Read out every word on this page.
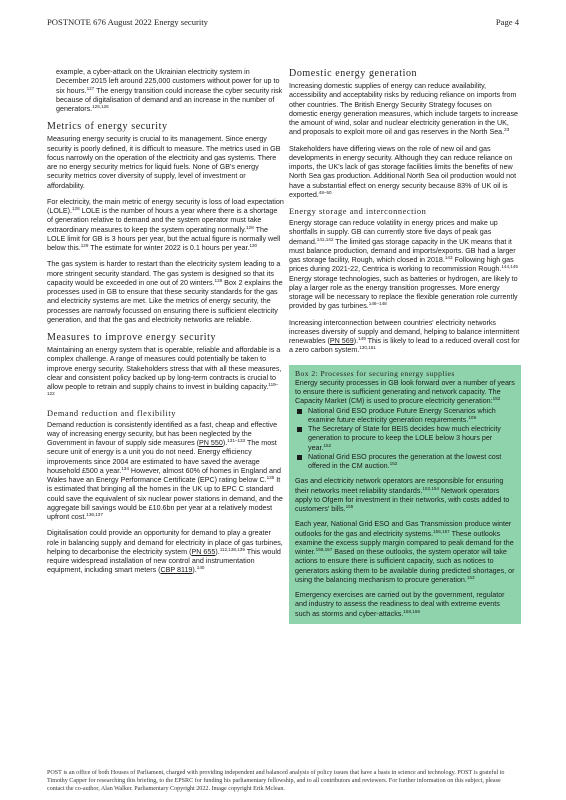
POSTNOTE 676 August 2022 Energy security	Page 4

example, a cyber-attack on the Ukrainian electricity system in December 2015 left around 225,000 customers without power for up to six hours.$^{127}$ The energy transition could increase the cyber security risk because of digitalisation of demand and an increase in the number of generators.$^{125,126}$

Metrics of energy security

Measuring energy security is crucial to its management. Since energy security is poorly defined, it is difficult to measure. The metrics used in GB focus narrowly on the operation of the electricity and gas systems. There are no energy security metrics for liquid fuels. None of GB's energy security metrics cover diversity of supply, level of investment or affordability.

For electricity, the main metric of energy security is loss of load expectation (LOLE).$^{128}$ LOLE is the number of hours a year where there is a shortage of generation relative to demand and the system operator must take extraordinary measures to keep the system operating normally.$^{128}$ The LOLE limit for GB is 3 hours per year, but the actual figure is normally well below this.$^{129}$ The estimate for winter 2022 is 0.1 hours per year.$^{130}$

The gas system is harder to restart than the electricity system leading to a more stringent security standard. The gas system is designed so that its capacity would be exceeded in one out of 20 winters.$^{128}$ Box 2 explains the processes used in GB to ensure that these security standards for the gas and electricity systems are met. Like the metrics of energy security, the processes are narrowly focussed on ensuring there is sufficient electricity generation, and that the gas and electricity networks are reliable.

Measures to improve energy security

Maintaining an energy system that is operable, reliable and affordable is a complex challenge. A range of measures could potentially be taken to improve energy security. Stakeholders stress that with all these measures, clear and consistent policy backed up by long-term contracts is crucial to allow people to retrain and supply chains to invest in building capacity.$^{119-122}$

Demand reduction and flexibility

Demand reduction is consistently identified as a fast, cheap and effective way of increasing energy security, but has been neglected by the Government in favour of supply side measures (PN 550).$^{131-133}$ The most secure unit of energy is a unit you do not need. Energy efficiency improvements since 2004 are estimated to have saved the average household £500 a year.$^{134}$ However, almost 60% of homes in England and Wales have an Energy Performance Certificate (EPC) rating below C.$^{135}$ It is estimated that bringing all the homes in the UK up to EPC C standard could save the equivalent of six nuclear power stations in demand, and the aggregate bill savings would be £10.6bn per year at a relatively modest upfront cost.$^{136,137}$

Digitalisation could provide an opportunity for demand to play a greater role in balancing supply and demand for electricity in place of gas turbines, helping to decarbonise the electricity system (PN 655).$^{112,138,139}$ This would require widespread installation of new control and instrumentation equipment, including smart meters (CBP 8119).$^{140}$

Domestic energy generation

Increasing domestic supplies of energy can reduce availability, accessibility and acceptability risks by reducing reliance on imports from other countries. The British Energy Security Strategy focuses on domestic energy generation measures, which include targets to increase the amount of wind, solar and nuclear electricity generation in the UK, and proposals to exploit more oil and gas reserves in the North Sea.$^{23}$

Stakeholders have differing views on the role of new oil and gas developments in energy security. Although they can reduce reliance on imports, the UK's lack of gas storage facilities limits the benefits of new North Sea gas production. Additional North Sea oil production would not have a substantial effect on energy security because 83% of UK oil is exported.$^{48-50}$

Energy storage and interconnection

Energy storage can reduce volatility in energy prices and make up shortfalls in supply. GB can currently store five days of peak gas demand.$^{141,142}$ The limited gas storage capacity in the UK means that it must balance production, demand and imports/exports. GB had a larger gas storage facility, Rough, which closed in 2018.$^{143}$ Following high gas prices during 2021-22, Centrica is working to recommission Rough.$^{144,145}$ Energy storage technologies, such as batteries or hydrogen, are likely to play a larger role as the energy transition progresses. More energy storage will be necessary to replace the flexible generation role currently provided by gas turbines.$^{146-148}$

Increasing interconnection between countries' electricity networks increases diversity of supply and demand, helping to balance intermittent renewables (PN 569).$^{149}$ This is likely to lead to a reduced overall cost for a zero carbon system.$^{130,151}$

Box 2: Processes for securing energy supplies

Energy security processes in GB look forward over a number of years to ensure there is sufficient generating and network capacity. The Capacity Market (CM) is used to procure electricity generation:$^{152}$

National Grid ESO produce Future Energy Scenarios which examine future electricity generation requirements.$^{109}$
The Secretary of State for BEIS decides how much electricity generation to procure to keep the LOLE below 3 hours per year.$^{152}$
National Grid ESO procures the generation at the lowest cost offered in the CM auction.$^{152}$

Gas and electricity network operators are responsible for ensuring their networks meet reliability standards.$^{153,154}$ Network operators apply to Ofgem for investment in their networks, with costs added to customers' bills.$^{155}$

Each year, National Grid ESO and Gas Transmission produce winter outlooks for the gas and electricity systems.$^{156,157}$ These outlooks examine the excess supply margin compared to peak demand for the winter.$^{156,157}$ Based on these outlooks, the system operator will take actions to ensure there is sufficient capacity, such as notices to generators asking them to be available during predicted shortages, or using the balancing mechanism to procure generation.$^{153}$

Emergency exercises are carried out by the government, regulator and industry to assess the readiness to deal with extreme events such as storms and cyber-attacks.$^{158,159}$

POST is an office of both Houses of Parliament, charged with providing independent and balanced analysis of policy issues that have a basis in science and technology. POST is grateful to Timothy Capper for researching this briefing, to the EPSRC for funding his parliamentary fellowship, and to all contributors and reviewers. For further information on this subject, please contact the co-author, Alan Walker. Parliamentary Copyright 2022. Image copyright Erik Mclean.
